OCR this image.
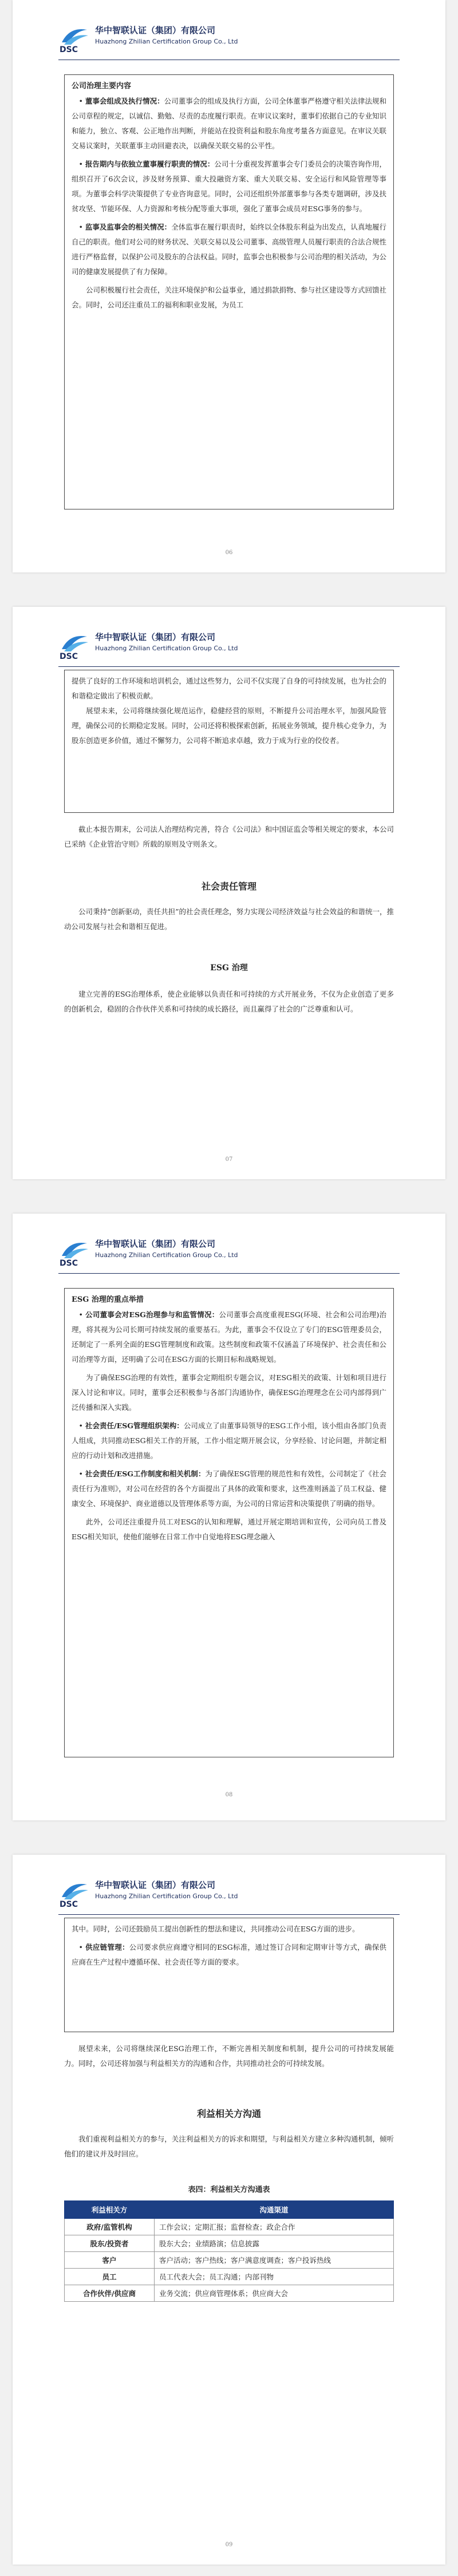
DSC
华中智联认证（集团）有限公司
Huazhong Zhilian Certification Group Co., Ltd
公司治理主要内容

• 董事会组成及执行情况：公司董事会的组成及执行方面，公司全体董事严格遵守相关法律法规和公司章程的规定，以诚信、勤勉、尽责的态度履行职责。在审议议案时，董事们依据自己的专业知识和能力，独立、客观、公正地作出判断，并能站在投资利益和股东角度考量各方面意见。在审议关联交易议案时，关联董事主动回避表决，以确保关联交易的公平性。

• 报告期内与依独立董事履行职责的情况：公司十分重视发挥董事会专门委员会的决策咨询作用，组织召开了6次会议，涉及财务预算、重大投融资方案、重大关联交易、安全运行和风险管理等事项。为董事会科学决策提供了专业咨询意见。同时，公司还组织外部董事参与各类专题调研，涉及扶贫攻坚、节能环保、人力资源和考核分配等重大事项，强化了董事会成员对ESG事务的参与。

• 监事及监事会的相关情况：全体监事在履行职责时，始终以全体股东利益为出发点，认真地履行自己的职责。他们对公司的财务状况、关联交易以及公司董事、高级管理人员履行职责的合法合规性进行严格监督，以保护公司及股东的合法权益。同时，监事会也积极参与公司治理的相关活动，为公司的健康发展提供了有力保障。

公司积极履行社会责任，关注环境保护和公益事业，通过捐款捐物、参与社区建设等方式回馈社会。同时，公司还注重员工的福利和职业发展，为员工

06
DSC
华中智联认证（集团）有限公司
Huazhong Zhilian Certification Group Co., Ltd

提供了良好的工作环境和培训机会，通过这些努力，公司不仅实现了自身的可持续发展，也为社会的和谐稳定做出了积极贡献。

展望未来，公司将继续强化规范运作，稳健经营的原则，不断提升公司治理水平，加强风险管理，确保公司的长期稳定发展。同时，公司还将积极探索创新，拓展业务领域，提升核心竞争力，为股东创造更多价值，通过不懈努力，公司将不断追求卓越，致力于成为行业的佼佼者。

截止本报告期末，公司法人治理结构完善，符合《公司法》和中国证监会等相关规定的要求，本公司已采纳《企业管治守则》所载的原则及守则条文。

社会责任管理

公司秉持“创新驱动，责任共担”的社会责任理念，努力实现公司经济效益与社会效益的和谐统一，推动公司发展与社会和谐相互促进。

ESG 治理

建立完善的ESG治理体系，使企业能够以负责任和可持续的方式开展业务，不仅为企业创造了更多的创新机会，稳固的合作伙伴关系和可持续的成长路径，而且赢得了社会的广泛尊重和认可。

07
DSC
华中智联认证（集团）有限公司
Huazhong Zhilian Certification Group Co., Ltd
ESG 治理的重点举措

• 公司董事会对ESG治理参与和监管情况：公司董事会高度重视ESG(环境、社会和公司治理)治理，将其视为公司长期可持续发展的重要基石。为此，董事会不仅设立了专门的ESG管理委员会，还制定了一系列全面的ESG管理制度和政策。这些制度和政策不仅涵盖了环境保护、社会责任和公司治理等方面，还明确了公司在ESG方面的长期目标和战略规划。

为了确保ESG治理的有效性，董事会定期组织专题会议，对ESG相关的政策、计划和项目进行深入讨论和审议。同时，董事会还积极参与各部门沟通协作，确保ESG治理理念在公司内部得到广泛传播和深入实践。

• 社会责任/ESG管理组织架构：公司成立了由董事局领导的ESG工作小组，该小组由各部门负责人组成，共同推动ESG相关工作的开展，工作小组定期开展会议，分享经验、讨论问题，并制定相应的行动计划和改进措施。

• 社会责任/ESG工作制度和相关机制：为了确保ESG管理的规范性和有效性，公司制定了《社会责任行为准则》，对公司在经营的各个方面提出了具体的政策和要求，这些准则涵盖了员工权益、健康安全、环境保护、商业道德以及管理体系等方面，为公司的日常运营和决策提供了明确的指导。

此外，公司还注重提升员工对ESG的认知和理解，通过开展定期培训和宣传，公司向员工普及ESG相关知识，使他们能够在日常工作中自觉地将ESG理念融入

08
DSC
华中智联认证（集团）有限公司
Huazhong Zhilian Certification Group Co., Ltd

其中。同时，公司还鼓励员工提出创新性的想法和建议，共同推动公司在ESG方面的进步。

• 供应链管理：公司要求供应商遵守相同的ESG标准，通过签订合同和定期审计等方式，确保供应商在生产过程中遵循环保、社会责任等方面的要求。

展望未来，公司将继续深化ESG治理工作，不断完善相关制度和机制，提升公司的可持续发展能力。同时，公司还将加强与利益相关方的沟通和合作，共同推动社会的可持续发展。

利益相关方沟通

我们重视利益相关方的参与，关注利益相关方的诉求和期望，与利益相关方建立多种沟通机制，倾听他们的建议并及时回应。

表四：利益相关方沟通表
利益相关方	沟通渠道
政府/监管机构	工作会议；定期汇报；监督检查；政企合作
股东/投资者	股东大会；业绩路演；信息披露
客户	客户活动；客户热线；客户满意度调查；客户投诉热线
员工	员工代表大会；员工沟通；内部刊物
合作伙伴/供应商	业务交流；供应商管理体系；供应商大会
09
